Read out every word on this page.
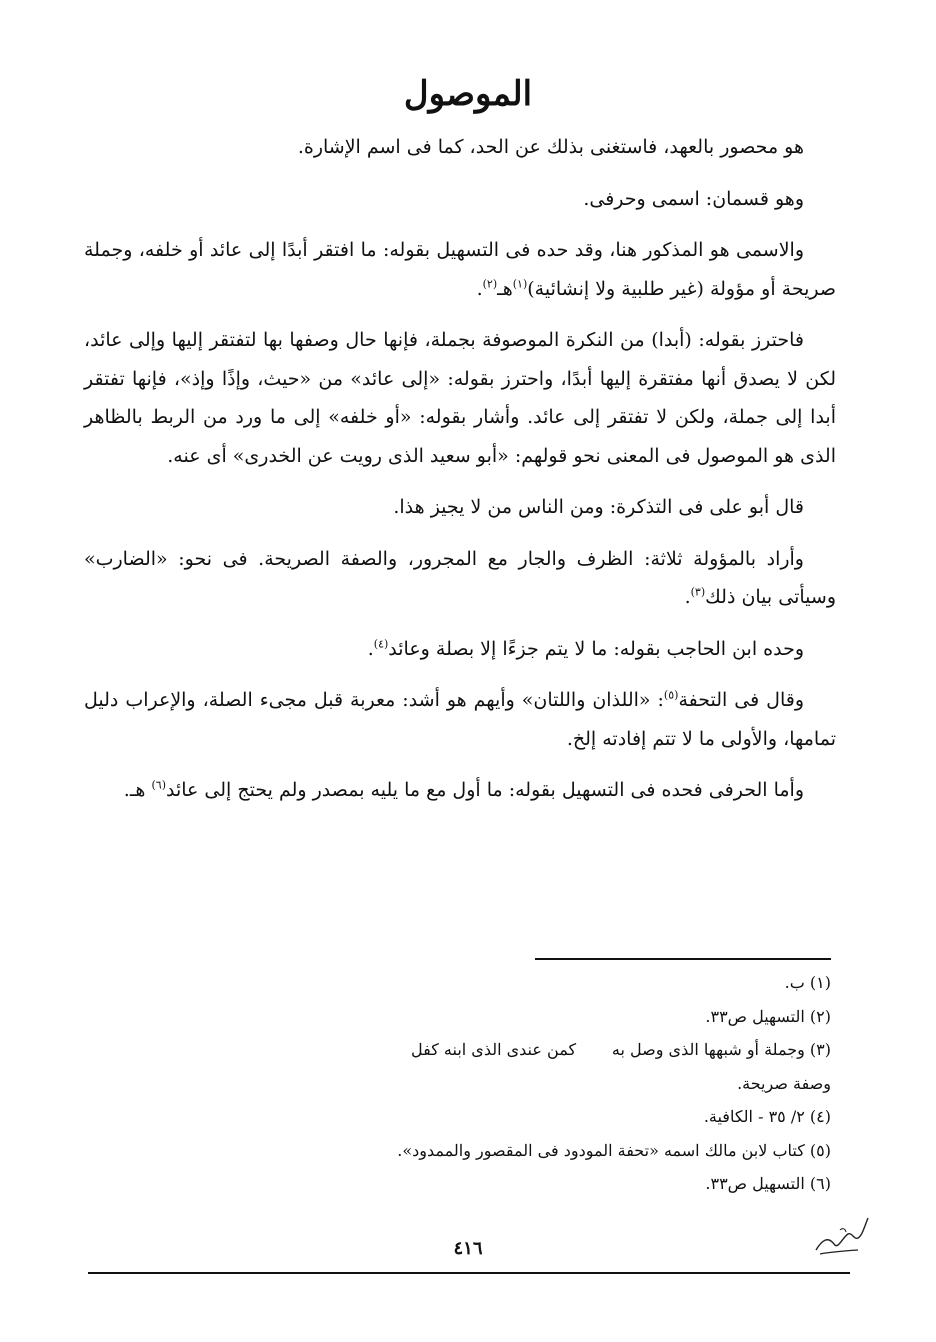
الموصول

هو محصور بالعهد، فاستغنى بذلك عن الحد، كما فى اسم الإشارة.

وهو قسمان: اسمى وحرفى.

والاسمى هو المذكور هنا، وقد حده فى التسهيل بقوله: ما افتقر أبدًا إلى عائد أو خلفه، وجملة صريحة أو مؤولة (غير طلبية ولا إنشائية)$^{(١)}$هـ$^{(٢)}$.

فاحترز بقوله: (أبدا) من النكرة الموصوفة بجملة، فإنها حال وصفها بها لتفتقر إليها وإلى عائد، لكن لا يصدق أنها مفتقرة إليها أبدًا، واحترز بقوله: «إلى عائد» من «حيث، وإذًا وإذ»، فإنها تفتقر أبدا إلى جملة، ولكن لا تفتقر إلى عائد. وأشار بقوله: «أو خلفه» إلى ما ورد من الربط بالظاهر الذى هو الموصول فى المعنى نحو قولهم: «أبو سعيد الذى رويت عن الخدرى» أى عنه.

قال أبو على فى التذكرة: ومن الناس من لا يجيز هذا.

وأراد بالمؤولة ثلاثة: الظرف والجار مع المجرور، والصفة الصريحة. فى نحو: «الضارب» وسيأتى بيان ذلك$^{(٣)}$.

وحده ابن الحاجب بقوله: ما لا يتم جزءًا إلا بصلة وعائد$^{(٤)}$.

وقال فى التحفة$^{(٥)}$: «اللذان واللتان» وأيهم هو أشد: معربة قبل مجىء الصلة، والإعراب دليل تمامها، والأولى ما لا تتم إفادته إلخ.

وأما الحرفى فحده فى التسهيل بقوله: ما أول مع ما يليه بمصدر ولم يحتج إلى عائد$^{(٦)}$ هـ.

(١) ب.

(٢) التسهيل ص٣٣.

(٣) وجملة أو شبهها الذى وصل به
كمن عندى الذى ابنه كفل

وصفة صريحة.

(٤) ٢/ ٣٥ - الكافية.

(٥) كتاب لابن مالك اسمه «تحفة المودود فى المقصور والممدود».

(٦) التسهيل ص٣٣.

٤١٦
